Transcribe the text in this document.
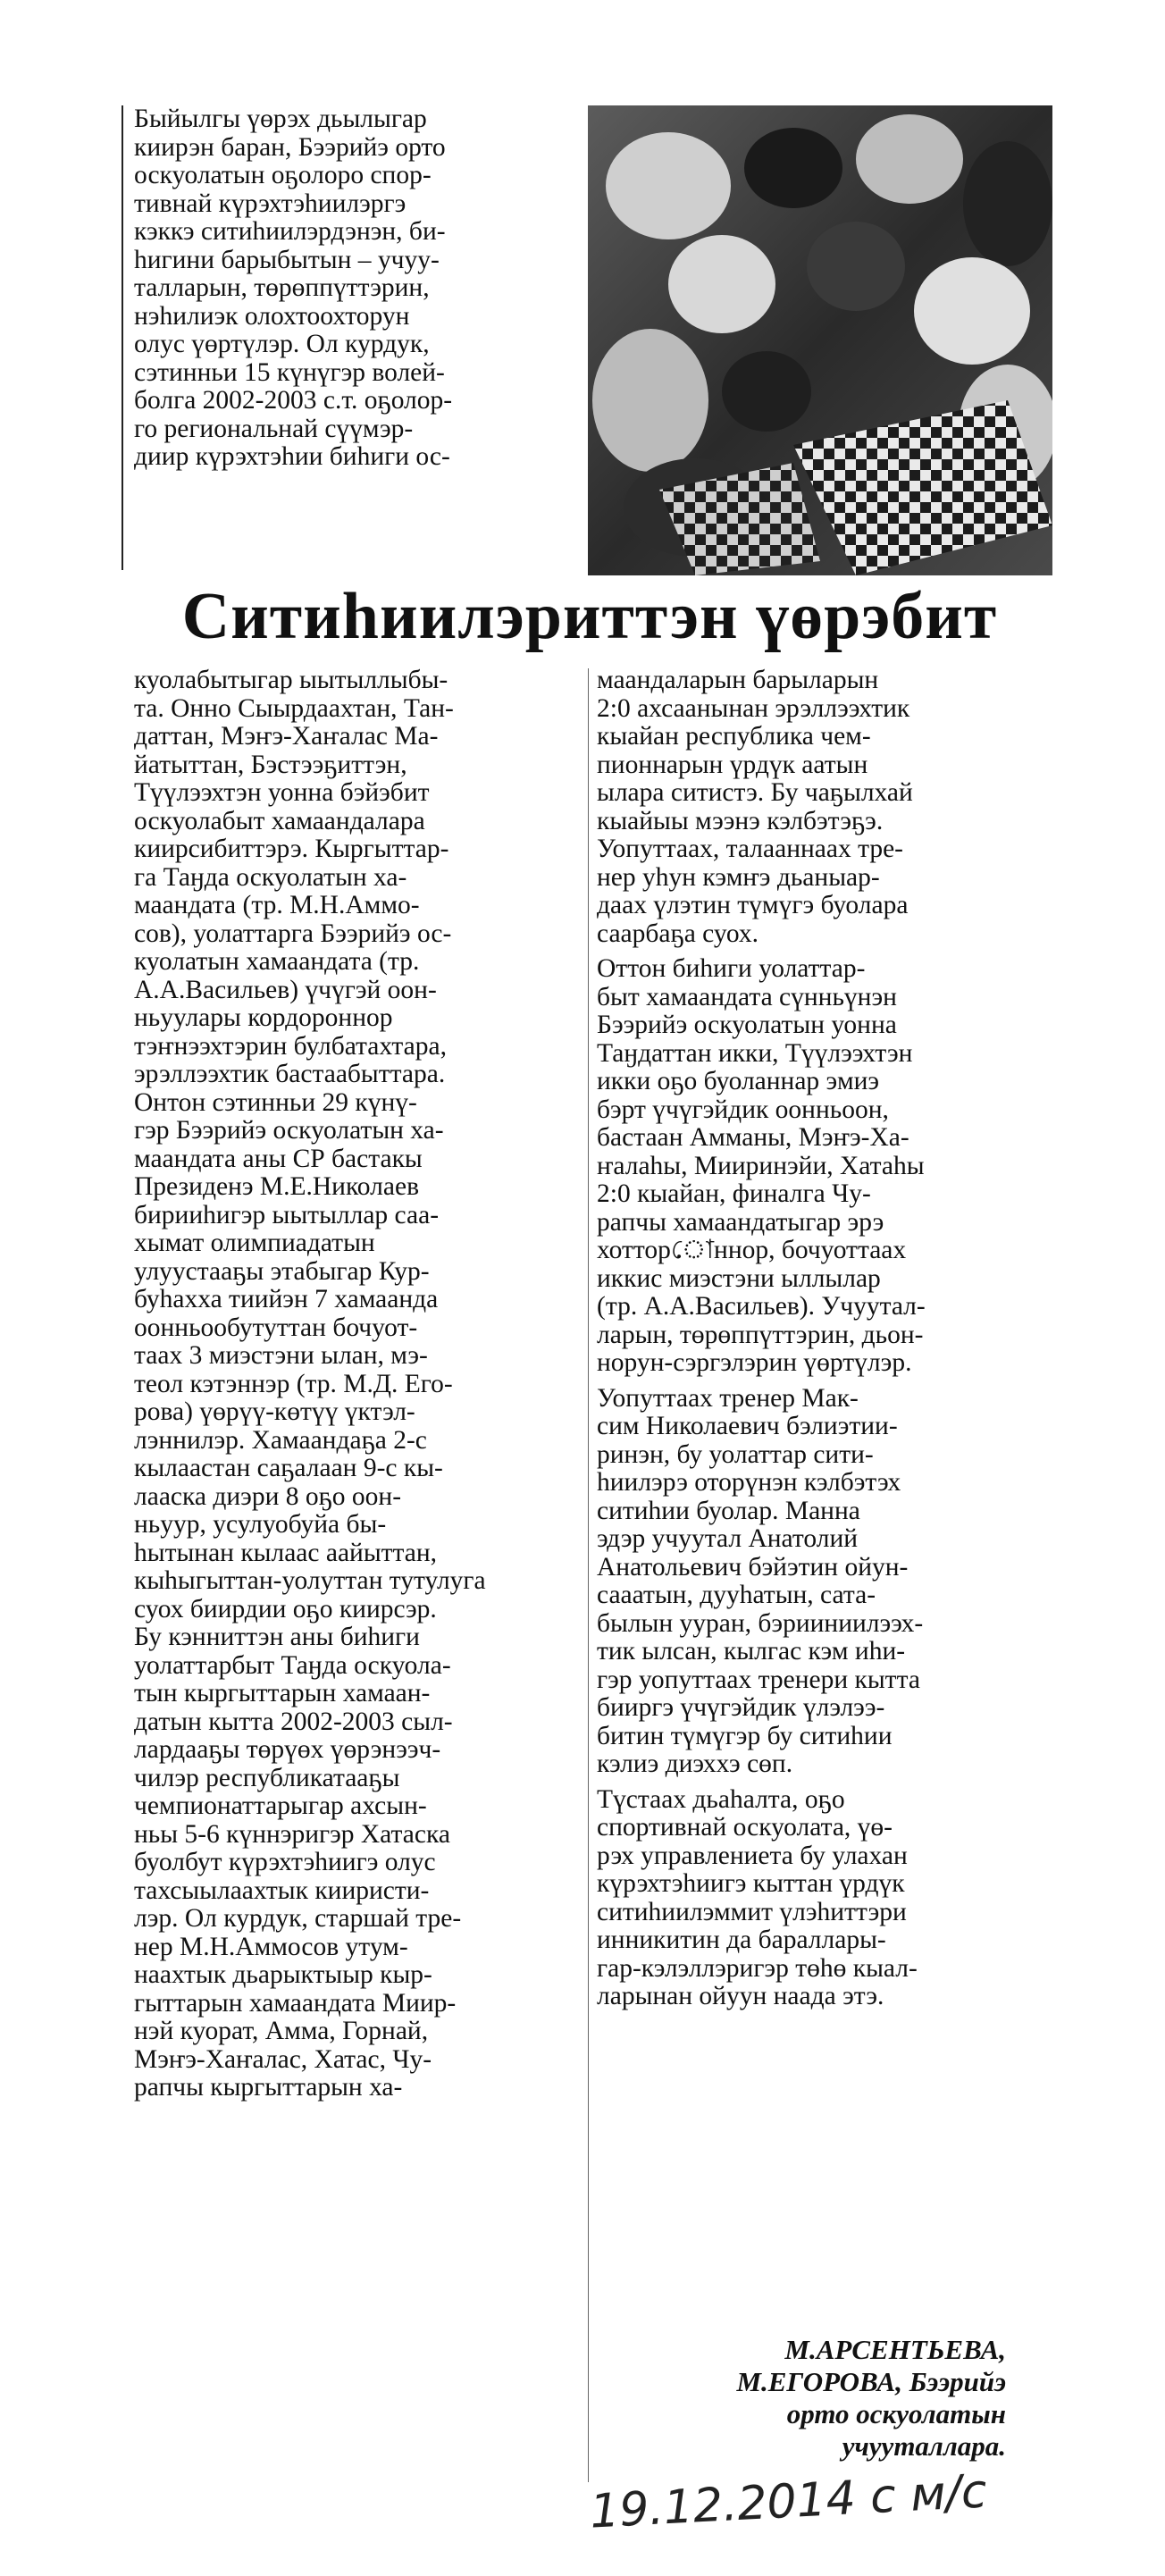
Быйылгы үөрэх дьылыгар
киирэн баран, Бээрийэ орто
оскуолатын оҕолоро спор-
тивнай күрэхтэһиилэргэ
кэккэ ситиһиилэрдэнэн, би-
һигини барыбытын – учуу-
талларын, төрөппүттэрин,
нэһилиэк олохтоохторун
олус үөртүлэр. Ол курдук,
сэтинньи 15 күнүгэр волей-
болга 2002-2003 с.т. оҕолор-
го региональнай сүүмэр-
диир күрэхтэһии биһиги ос-

Ситиһиилэриттэн үөрэбит

куолабытыгар ыытыллыбы-
та. Онно Сыырдаахтан, Тан-
даттан, Мэҥэ-Хаҥалас Ма-
йатыттан, Бэстээҕиттэн,
Түүлээхтэн уонна бэйэбит
оскуолабыт хамаандалара
киирсибиттэрэ. Кыргыттар-
га Таӈда оскуолатын ха-
маандата (тр. М.Н.Аммо-
сов), уолаттарга Бээрийэ ос-
куолатын хамаандата (тр.
А.А.Васильев) үчүгэй оон-
ньуулары кордороннор
тэҥнээхтэрин булбатахтара,
эрэллээхтик бастаабыттара.
Онтон сэтинньи 29 күнү-
гэр Бээрийэ оскуолатын ха-
маандата аны СР бастакы
Президенэ М.Е.Николаев
бирииһигэр ыытыллар саа-
хымат олимпиадатын
улуустааҕы этабыгар Кур-
буһахха тиийэн 7 хамаанда
оонньообутуттан бочуот-
таах 3 миэстэни ылан, мэ-
теол кэтэннэр (тр. М.Д. Его-
рова) үөрүү-көтүү үктэл-
лэннилэр. Хамаандаҕа 2-с
кылаастан саҕалаан 9-с кы-
лааска диэри 8 оҕо оон-
ньуур, усулуобуйа бы-
һытынан кылаас аайыттан,
кыһыгыттан-уолуттан тутулуга
суох биирдии оҕо киирсэр.
Бу кэнниттэн аны биһиги
уолаттарбыт Таӈда оскуола-
тын кыргыттарын хамаан-
датын кытта 2002-2003 сыл-
лардааҕы төрүөх үөрэнээч-
чилэр республикатааҕы
чемпионаттарыгар ахсын-
ньы 5-6 күннэригэр Хатаска
буолбут күрэхтэһиигэ олус
тахсыылаахтык киириcти-
лэр. Ол курдук, старшай тре-
нер М.Н.Аммосов утум-
наахтык дьарыктыыр кыр-
гыттарын хамаандата Миир-
нэй куорат, Амма, Горнай,
Мэҥэ-Хаҥалас, Хатас, Чу-
рапчы кыргыттарын ха-

маандаларын барыларын
2:0 ахсаанынан эрэллээхтик
кыайан республика чем-
пионнарын үрдүк аатын
ылара ситистэ. Бу чаҕылхай
кыайыы мээнэ кэлбэтэҕэ.
Уопуттаах, талааннаах тре-
нер уһун кэмҥэ дьаныар-
даах үлэтин түмүгэ буолара
саарбаҕа суох.

Оттон биһиги уолаттар-
быт хамаандата сүнньүнэн
Бээрийэ оскуолатын уонна
Таӈдаттан икки, Түүлээхтэн
икки оҕо буоланнар эмиэ
бэрт үчүгэйдик оонньоон,
бастаан Амманы, Мэҥэ-Ха-
ҥалаһы, Мииринэйи, Хатаһы
2:0 кыайан, финалга Чу-
рапчы хамаандатыгар эрэ
хотторোннор, бочуоттаах
иккис миэстэни ыллылар
(тр. А.А.Васильев). Учуутал-
ларын, төрөппүттэрин, дьон-
норун-сэргэлэрин үөртүлэр.

Уопуттаах тренер Мак-
сим Николаевич бэлиэтии-
ринэн, бу уолаттар сити-
һиилэрэ оторүнэн кэлбэтэх
ситиһии буолар. Манна
эдэр учуутал Анатолий
Анатольевич бэйэтин ойун-
сааатын, дууһатын, сата-
былын ууран, бэрииниилээх-
тик ылсан, кылгас кэм иһи-
гэр уопуттаах тренери кытта
бииргэ үчүгэйдик үлэлээ-
битин түмүгэр бу ситиһии
кэлиэ диэххэ сөп.

Түстаах дьаһалта, оҕо
спортивнай оскуолата, үө-
рэх управлениета бу улахан
күрэхтэһиигэ кыттан үрдүк
ситиһиилэммит үлэһиттэри
инникитин да бараллары-
гар-кэлэллэригэр төһө кыал-
ларынан ойуун наада этэ.

М.АРСЕНТЬЕВА,
М.ЕГОРОВА, Бээрийэ
орто оскуолатын
учууталлара.
19.12.2014 с м/с
